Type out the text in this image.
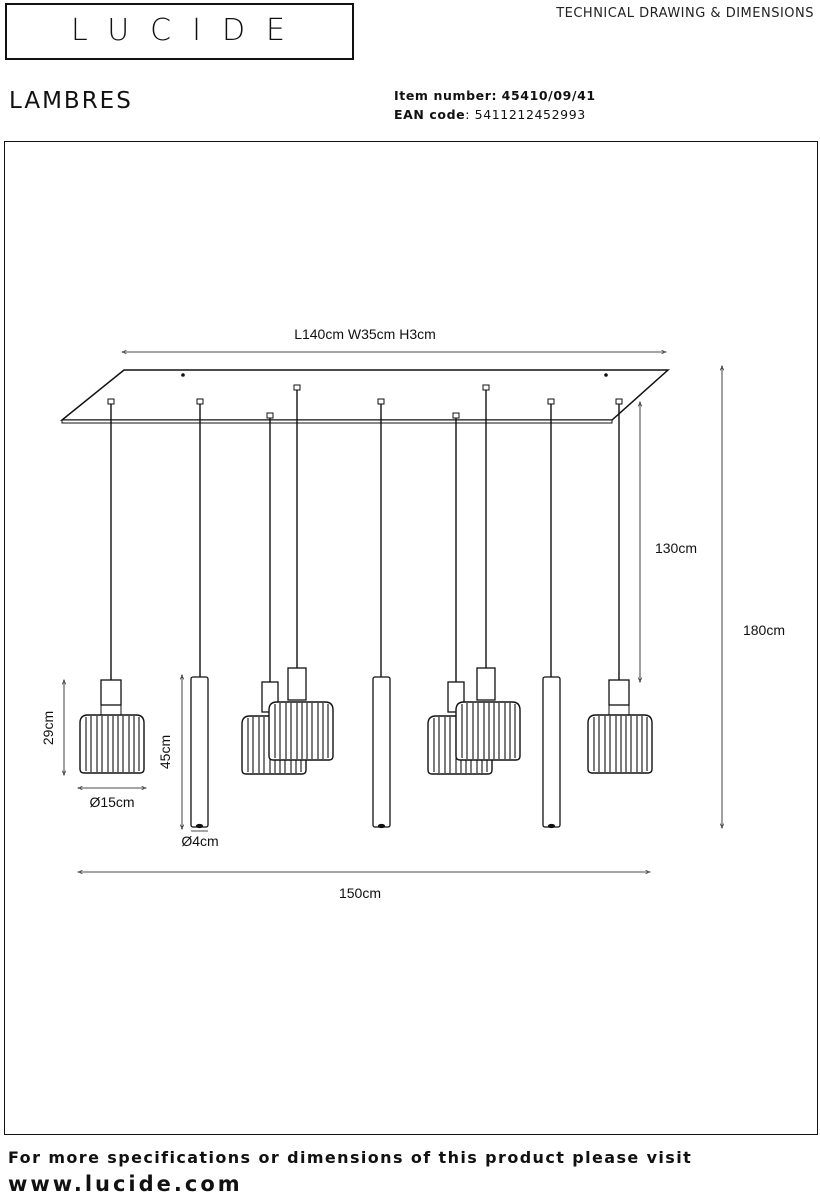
LUCIDE	TECHNICAL DRAWING & DIMENSIONS
LAMBRES	Item number: 45410/09/41
EAN code: 5411212452993
L140cm W35cm H3cm
130cm
180cm
29cm
Ø15cm
45cm
Ø4cm
150cm
For more specifications or dimensions of this product please visit
www.lucide.com
